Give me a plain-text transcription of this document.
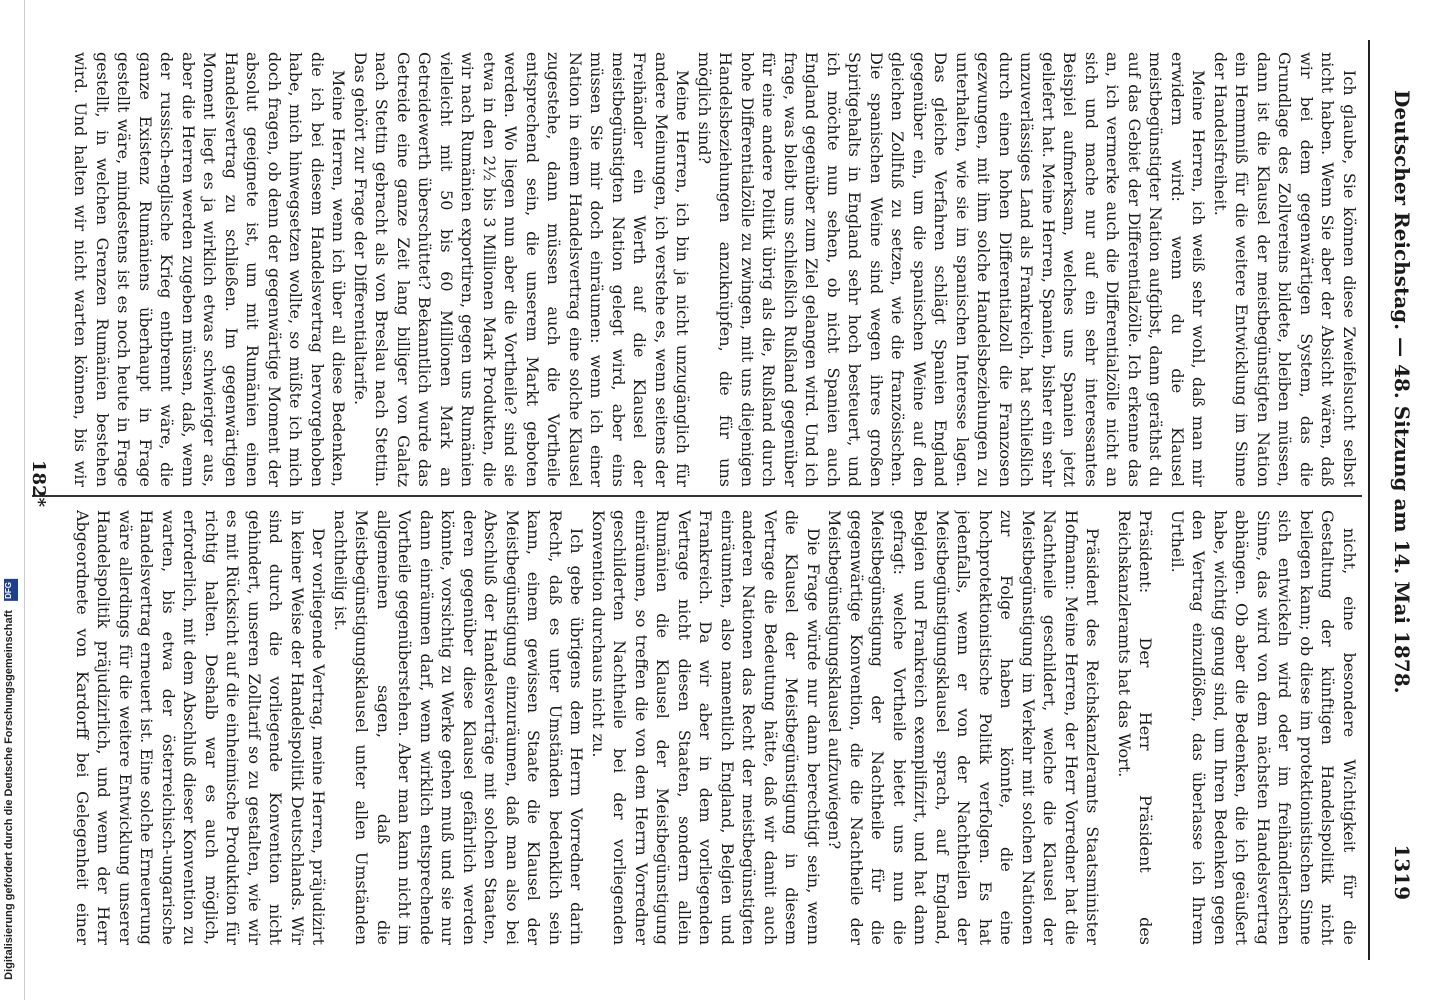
Digitalisierung gefördert durch die Deutsche Forschungsgemeinschaft DFG	Deutscher Reichstag. — 48. Sitzung am 14. Mai 1878.
1319

Ich glaube, Sie können diese Zweifelsucht selbst nicht haben. Wenn Sie aber der Absicht wären, daß wir bei dem gegenwärtigen System, das die Grundlage des Zollvereins bildete, bleiben müssen, dann ist die Klausel der meistbegünstigten Nation ein Hemmniß für die weitere Entwicklung im Sinne der Handelsfreiheit.

Meine Herren, ich weiß sehr wohl, daß man mir erwidern wird: wenn du die Klausel meistbegünstigter Nation aufgibst, dann geräthst du auf das Gebiet der Differentialzölle. Ich erkenne das an, ich vermerke auch die Differentialzölle nicht an sich und mache nur auf ein sehr interessantes Beispiel aufmerksam, welches uns Spanien jetzt geliefert hat. Meine Herren, Spanien, bisher ein sehr unzuverlässiges Land als Frankreich, hat schließlich durch einen hohen Differentialzoll die Franzosen gezwungen, mit ihm solche Handelsbeziehungen zu unterhalten, wie sie im spanischen Interesse lagen. Das gleiche Verfahren schlägt Spanien England gegenüber ein, um die spanischen Weine auf den gleichen Zollfuß zu setzen, wie die französischen. Die spanischen Weine sind wegen ihres großen Spiritgehalts in England sehr hoch besteuert, und ich möchte nun sehen, ob nicht Spanien auch England gegenüber zum Ziel gelangen wird. Und ich frage, was bleibt uns schließlich Rußland gegenüber für eine andere Politik übrig als die, Rußland durch hohe Differentialzölle zu zwingen, mit uns diejenigen Handelsbeziehungen anzuknüpfen, die für uns möglich sind?

Meine Herren, ich bin ja nicht unzugänglich für andere Meinungen, ich verstehe es, wenn seitens der Freihändler ein Werth auf die Klausel der meistbegünstigten Nation gelegt wird, aber eins müssen Sie mir doch einräumen: wenn ich einer Nation in einem Handelsvertrag eine solche Klausel zugestehe, dann müssen auch die Vortheile entsprechend sein, die unserem Markt geboten werden. Wo liegen nun aber die Vortheile? sind sie etwa in den 2½ bis 3 Millionen Mark Produkten, die wir nach Rumänien exportiren, gegen uns Rumänien vielleicht mit 50 bis 60 Millionen Mark an Getreidewerth überschüttet? Bekanntlich wurde das Getreide eine ganze Zeit lang billiger von Galatz nach Stettin gebracht als von Breslau nach Stettin. Das gehört zur Frage der Differentialtarife.

Meine Herren, wenn ich über all diese Bedenken, die ich bei diesem Handelsvertrag hervorgehoben habe, mich hinwegsetzen wollte, so müßte ich mich doch fragen, ob denn der gegenwärtige Moment der absolut geeignete ist, um mit Rumänien einen Handelsvertrag zu schließen. Im gegenwärtigen Moment liegt es ja wirklich etwas schwieriger aus, aber die Herren werden zugeben müssen, daß, wenn der russisch-englische Krieg entbrennt wäre, die ganze Existenz Rumäniens überhaupt in Frage gestellt wäre, mindestens ist es noch heute in Frage gestellt, in welchen Grenzen Rumänien bestehen wird. Und halten wir nicht warten können, bis wir

nicht, eine besondere Wichtigkeit für die Gestaltung der künftigen Handelspolitik nicht beilegen kann; ob diese im protektionistischen Sinne sich entwickeln wird oder im freihändlerischen Sinne, das wird von dem nächsten Handelsvertrag abhängen. Ob aber die Bedenken, die ich geäußert habe, wichtig genug sind, um Ihren Bedenken gegen den Vertrag einzuflößen, das überlasse ich Ihrem Urtheil.

Präsident: Der Herr Präsident des Reichskanzleramts hat das Wort.

Präsident des Reichskanzleramts Staatsminister Hofmann: Meine Herren, der Herr Vorredner hat die Nachtheile geschildert, welche die Klausel der Meistbegünstigung im Verkehr mit solchen Nationen zur Folge haben könnte, die eine hochprotektionistische Politik verfolgen. Es hat jedenfalls, wenn er von der Nachtheilen der Meistbegünstigungsklausel sprach, auf England, Belgien und Frankreich exemplifizirt, und hat dann gefragt: welche Vortheile bietet uns nun die Meistbegünstigung der Nachtheile für die gegenwärtige Konvention, die die Nachtheile der Meistbegünstigungsklausel aufzuwiegen?

Die Frage würde nur dann berechtigt sein, wenn die Klausel der Meistbegünstigung in diesem Vertrage die Bedeutung hätte, daß wir damit auch anderen Nationen das Recht der meistbegünstigten einräumten, also namentlich England, Belgien und Frankreich. Da wir aber in dem vorliegenden Vertrage nicht diesen Staaten, sondern allein Rumänien die Klausel der Meistbegünstigung einräumen, so treffen die von dem Herrn Vorredner geschilderten Nachtheile bei der vorliegenden Konvention durchaus nicht zu.

Ich gebe übrigens dem Herrn Vorredner darin Recht, daß es unter Umständen bedenklich sein kann, einem gewissen Staate die Klausel der Meistbegünstigung einzuräumen, daß man also bei Abschluß der Handelsverträge mit solchen Staaten, deren gegenüber diese Klausel gefährlich werden könnte, vorsichtig zu Werke gehen muß und sie nur dann einräumen darf, wenn wirklich entsprechende Vortheile gegenüberstehen. Aber man kann nicht im allgemeinen sagen, daß die Meistbegünstigungsklausel unter allen Umständen nachtheilig ist.

Der vorliegende Vertrag, meine Herren, präjudizirt in keiner Weise der Handelspolitik Deutschlands. Wir sind durch die vorliegende Konvention nicht gehindert, unseren Zolltarif so zu gestalten, wie wir es mit Rücksicht auf die einheimische Produktion für richtig halten. Deshalb war es auch möglich, erforderlich, mit dem Abschluß dieser Konvention zu warten, bis etwa der österreichisch-ungarische Handelsvertrag erneuert ist. Eine solche Erneuerung wäre allerdings für die weitere Entwicklung unserer Handelspolitik präjudizirlich, und wenn der Herr Abgeordnete von Kardorff bei Gelegenheit einer

182*
